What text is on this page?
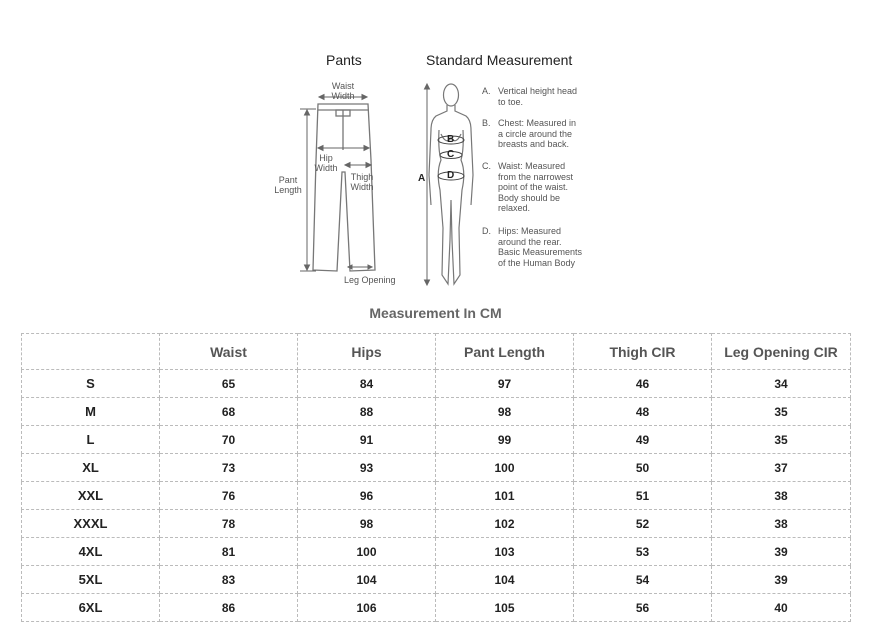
Pants	Standard Measurement
Waist
Width
Hip
Width
Thigh
Width
Pant
Length
Leg Opening
A
B
C
D
A. Vertical height head
to toe.
B. Chest: Measured in
a circle around the
breasts and back.
C. Waist: Measured
from the narrowest
point of the waist.
Body should be
relaxed.
D. Hips: Measured
around the rear.
Basic Measurements
of the Human Body
Measurement In CM
	Waist	Hips	Pant Length	Thigh CIR	Leg Opening CIR
S	65	84	97	46	34
M	68	88	98	48	35
L	70	91	99	49	35
XL	73	93	100	50	37
XXL	76	96	101	51	38
XXXL	78	98	102	52	38
4XL	81	100	103	53	39
5XL	83	104	104	54	39
6XL	86	106	105	56	40
